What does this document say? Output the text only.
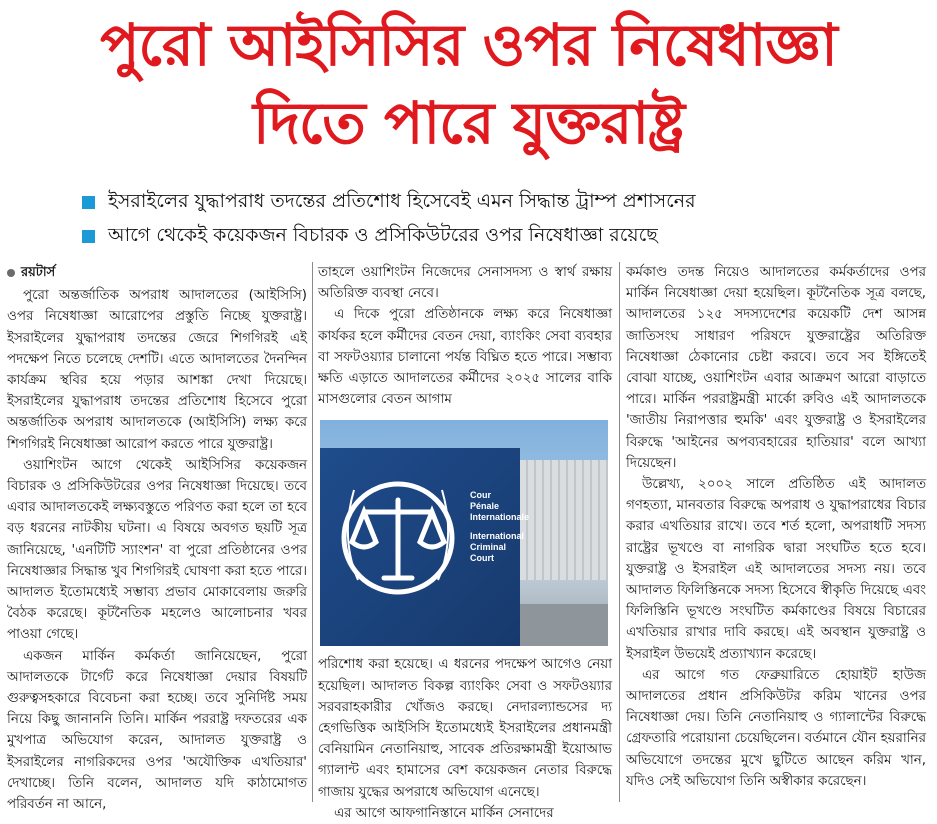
পুরো আইসিসির ওপর নিষেধাজ্ঞা
দিতে পারে যুক্তরাষ্ট্র
ইসরাইলের যুদ্ধাপরাধ তদন্তের প্রতিশোধ হিসেবেই এমন সিদ্ধান্ত ট্রাম্প প্রশাসনের
আগে থেকেই কয়েকজন বিচারক ও প্রসিকিউটরের ওপর নিষেধাজ্ঞা রয়েছে
রয়টার্স

পুরো অন্তর্জাতিক অপরাধ আদালতের (আইসিসি) ওপর নিষেধাজ্ঞা আরোপের প্রস্তুতি নিচ্ছে যুক্তরাষ্ট্র। ইসরাইলের যুদ্ধাপরাধ তদন্তের জেরে শিগগিরই এই পদক্ষেপ নিতে চলেছে দেশটি। এতে আদালতের দৈনন্দিন কার্যক্রম স্থবির হয়ে পড়ার আশঙ্কা দেখা দিয়েছে। ইসরাইলের যুদ্ধাপরাধ তদন্তের প্রতিশোধ হিসেবে পুরো অন্তর্জাতিক অপরাধ আদালতকে (আইসিসি) লক্ষ্য করে শিগগিরই নিষেধাজ্ঞা আরোপ করতে পারে যুক্তরাষ্ট্র।

ওয়াশিংটন আগে থেকেই আইসিসির কয়েকজন বিচারক ও প্রসিকিউটরের ওপর নিষেধাজ্ঞা দিয়েছে। তবে এবার আদালতকেই লক্ষ্যবস্তুতে পরিণত করা হলে তা হবে বড় ধরনের নাটকীয় ঘটনা। এ বিষয়ে অবগত ছয়টি সূত্র জানিয়েছে, 'এনটিটি স্যাংশন' বা পুরো প্রতিষ্ঠানের ওপর নিষেধাজ্ঞার সিদ্ধান্ত খুব শিগগিরই ঘোষণা করা হতে পারে। আদালত ইতোমধ্যেই সম্ভাব্য প্রভাব মোকাবেলায় জরুরি বৈঠক করেছে। কূটনৈতিক মহলেও আলোচনার খবর পাওয়া গেছে।

একজন মার্কিন কর্মকর্তা জানিয়েছেন, পুরো আদালতকে টার্গেট করে নিষেধাজ্ঞা দেয়ার বিষয়টি গুরুত্বসহকারে বিবেচনা করা হচ্ছে। তবে সুনির্দিষ্ট সময় নিয়ে কিছু জানাননি তিনি। মার্কিন পররাষ্ট্র দফতরের এক মুখপাত্র অভিযোগ করেন, আদালত যুক্তরাষ্ট্র ও ইসরাইলের নাগরিকদের ওপর 'অযৌক্তিক এখতিয়ার' দেখাচ্ছে। তিনি বলেন, আদালত যদি কাঠামোগত পরিবর্তন না আনে,

তাহলে ওয়াশিংটন নিজেদের সেনাসদস্য ও স্বার্থ রক্ষায় অতিরিক্ত ব্যবস্থা নেবে।

এ দিকে পুরো প্রতিষ্ঠানকে লক্ষ্য করে নিষেধাজ্ঞা কার্যকর হলে কর্মীদের বেতন দেয়া, ব্যাংকিং সেবা ব্যবহার বা সফটওয়্যার চালানো পর্যন্ত বিঘ্নিত হতে পারে। সম্ভাব্য ক্ষতি এড়াতে আদালতের কর্মীদের ২০২৫ সালের বাকি মাসগুলোর বেতন আগাম

Cour
Pénale
Internationale
International
Criminal
Court

পরিশোধ করা হয়েছে। এ ধরনের পদক্ষেপ আগেও নেয়া হয়েছিল। আদালত বিকল্প ব্যাংকিং সেবা ও সফটওয়্যার সরবরাহকারীর খোঁজও করছে। নেদারল্যান্ডসের দ্য হেগভিত্তিক আইসিসি ইতোমধ্যেই ইসরাইলের প্রধানমন্ত্রী বেনিয়ামিন নেতানিয়াহু, সাবেক প্রতিরক্ষামন্ত্রী ইয়োআভ গ্যালান্ট এবং হামাসের বেশ কয়েকজন নেতার বিরুদ্ধে গাজায় যুদ্ধের অপরাধে অভিযোগ এনেছে।

এর আগে আফগানিস্তানে মার্কিন সেনাদের

কর্মকাণ্ড তদন্ত নিয়েও আদালতের কর্মকর্তাদের ওপর মার্কিন নিষেধাজ্ঞা দেয়া হয়েছিল। কূটনৈতিক সূত্র বলছে, আদালতের ১২৫ সদস্যদেশের কয়েকটি দেশ আসন্ন জাতিসংঘ সাধারণ পরিষদে যুক্তরাষ্ট্রের অতিরিক্ত নিষেধাজ্ঞা ঠেকানোর চেষ্টা করবে। তবে সব ইঙ্গিতেই বোঝা যাচ্ছে, ওয়াশিংটন এবার আক্রমণ আরো বাড়াতে পারে। মার্কিন পররাষ্ট্রমন্ত্রী মার্কো রুবিও এই আদালতকে 'জাতীয় নিরাপত্তার হুমকি' এবং যুক্তরাষ্ট্র ও ইসরাইলের বিরুদ্ধে 'আইনের অপব্যবহারের হাতিয়ার' বলে আখ্যা দিয়েছেন।

উল্লেখ্য, ২০০২ সালে প্রতিষ্ঠিত এই আদালত গণহত্যা, মানবতার বিরুদ্ধে অপরাধ ও যুদ্ধাপরাধের বিচার করার এখতিয়ার রাখে। তবে শর্ত হলো, অপরাধটি সদস্য রাষ্ট্রের ভূখণ্ডে বা নাগরিক দ্বারা সংঘটিত হতে হবে। যুক্তরাষ্ট্র ও ইসরাইল এই আদালতের সদস্য নয়। তবে আদালত ফিলিস্তিনকে সদস্য হিসেবে স্বীকৃতি দিয়েছে এবং ফিলিস্তিনি ভূখণ্ডে সংঘটিত কর্মকাণ্ডের বিষয়ে বিচারের এখতিয়ার রাখার দাবি করছে। এই অবস্থান যুক্তরাষ্ট্র ও ইসরাইল উভয়েই প্রত্যাখ্যান করেছে।

এর আগে গত ফেব্রুয়ারিতে হোয়াইট হাউজ আদালতের প্রধান প্রসিকিউটর করিম খানের ওপর নিষেধাজ্ঞা দেয়। তিনি নেতানিয়াহু ও গ্যালান্টের বিরুদ্ধে গ্রেফতারি পরোয়ানা চেয়েছিলেন। বর্তমানে যৌন হয়রানির অভিযোগে তদন্তের মুখে ছুটিতে আছেন করিম খান, যদিও সেই অভিযোগ তিনি অস্বীকার করেছেন।
